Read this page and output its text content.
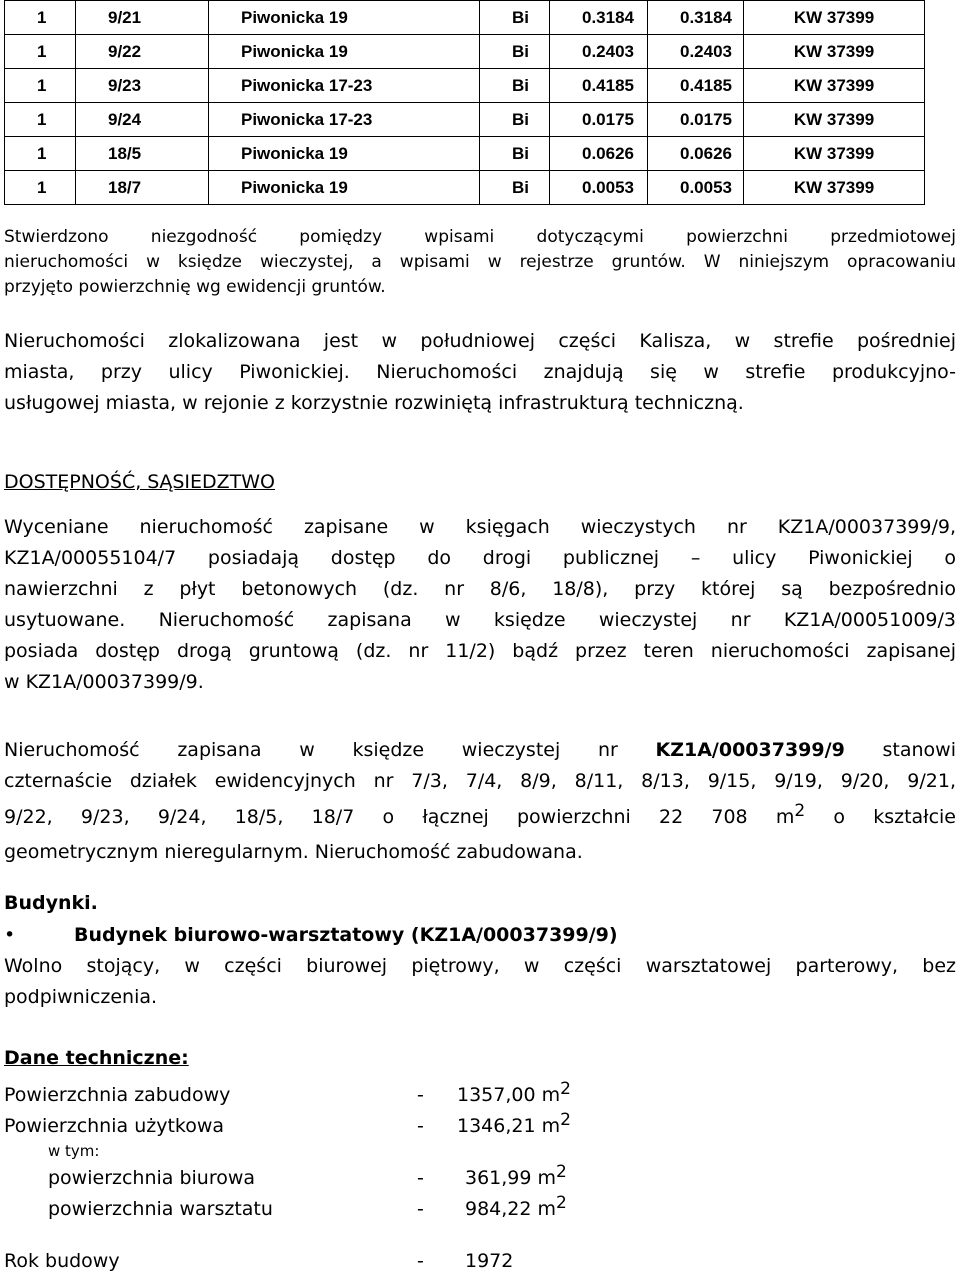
1	9/21	Piwonicka 19	Bi	0.3184	0.3184	KW 37399
1	9/22	Piwonicka 19	Bi	0.2403	0.2403	KW 37399
1	9/23	Piwonicka 17-23	Bi	0.4185	0.4185	KW 37399
1	9/24	Piwonicka 17-23	Bi	0.0175	0.0175	KW 37399
1	18/5	Piwonicka 19	Bi	0.0626	0.0626	KW 37399
1	18/7	Piwonicka 19	Bi	0.0053	0.0053	KW 37399

Stwierdzono niezgodność pomiędzy wpisami dotyczącymi powierzchni przedmiotowej

nieruchomości w księdze wieczystej, a wpisami w rejestrze gruntów. W niniejszym opracowaniu

przyjęto powierzchnię wg ewidencji gruntów.

Nieruchomości zlokalizowana jest w południowej części Kalisza, w strefie pośredniej

miasta, przy ulicy Piwonickiej. Nieruchomości znajdują się w strefie produkcyjno-

usługowej miasta, w rejonie z korzystnie rozwiniętą infrastrukturą techniczną.

DOSTĘPNOŚĆ, SĄSIEDZTWO

Wyceniane nieruchomość zapisane w księgach wieczystych nr KZ1A/00037399/9,

KZ1A/00055104/7 posiadają dostęp do drogi publicznej – ulicy Piwonickiej o

nawierzchni z płyt betonowych (dz. nr 8/6, 18/8), przy której są bezpośrednio

usytuowane. Nieruchomość zapisana w księdze wieczystej nr KZ1A/00051009/3

posiada dostęp drogą gruntową (dz. nr 11/2) bądź przez teren nieruchomości zapisanej

w KZ1A/00037399/9.

Nieruchomość zapisana w księdze wieczystej nr KZ1A/00037399/9 stanowi

czternaście działek ewidencyjnych nr 7/3, 7/4, 8/9, 8/11, 8/13, 9/15, 9/19, 9/20, 9/21,

9/22, 9/23, 9/24, 18/5, 18/7 o łącznej powierzchni 22 708 $m^2$ o kształcie

geometrycznym nieregularnym. Nieruchomość zabudowana.

Budynki.
•	Budynek biurowo-warsztatowy (KZ1A/00037399/9)

Wolno stojący, w części biurowej piętrowy, w części warsztatowej parterowy, bez

podpiwniczenia.

Dane techniczne:
Powierzchnia zabudowy	- 1357,00 $m^2$
Powierzchnia użytkowa	- 1346,21 $m^2$
w tym:
powierzchnia biurowa	- 361,99 $m^2$
powierzchnia warsztatu	- 984,22 $m^2$
Rok budowy	- 1972
